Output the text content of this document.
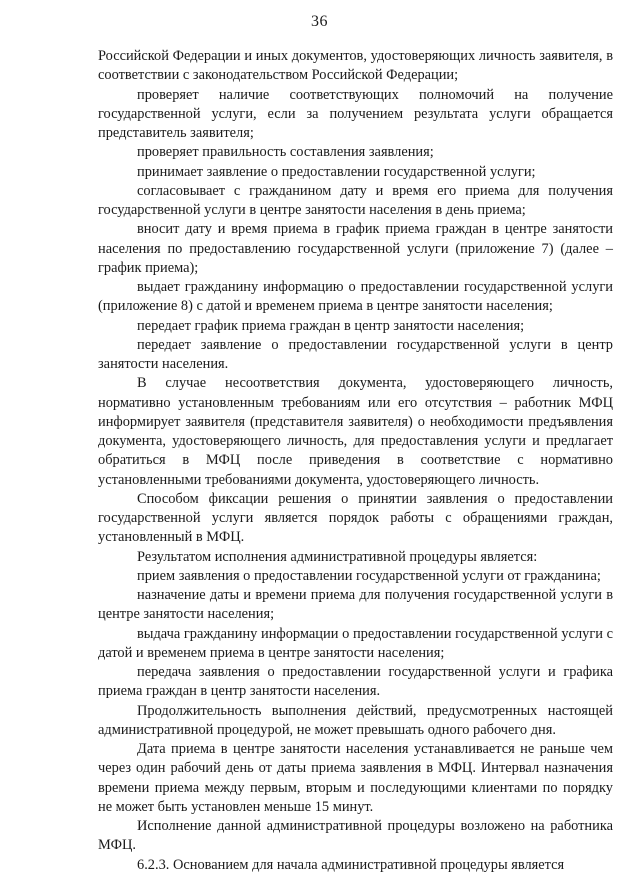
36

Российской Федерации и иных документов, удостоверяющих личность заявителя, в соответствии с законодательством Российской Федерации;

проверяет наличие соответствующих полномочий на получение государственной услуги, если за получением результата услуги обращается представитель заявителя;

проверяет правильность составления заявления;

принимает заявление о предоставлении государственной услуги;

согласовывает с гражданином дату и время его приема для получения государственной услуги в центре занятости населения в день приема;

вносит дату и время приема в график приема граждан в центре занятости населения по предоставлению государственной услуги (приложение 7) (далее – график приема);

выдает гражданину информацию о предоставлении государственной услуги (приложение 8) с датой и временем приема в центре занятости населения;

передает график приема граждан в центр занятости населения;

передает заявление о предоставлении государственной услуги в центр занятости населения.

В случае несоответствия документа, удостоверяющего личность, нормативно установленным требованиям или его отсутствия – работник МФЦ информирует заявителя (представителя заявителя) о необходимости предъявления документа, удостоверяющего личность, для предоставления услуги и предлагает обратиться в МФЦ после приведения в соответствие с нормативно установленными требованиями документа, удостоверяющего личность.

Способом фиксации решения о принятии заявления о предоставлении государственной услуги является порядок работы с обращениями граждан, установленный в МФЦ.

Результатом исполнения административной процедуры является:

прием заявления о предоставлении государственной услуги от гражданина;

назначение даты и времени приема для получения государственной услуги в центре занятости населения;

выдача гражданину информации о предоставлении государственной услуги с датой и временем приема в центре занятости населения;

передача заявления о предоставлении государственной услуги и графика приема граждан в центр занятости населения.

Продолжительность выполнения действий, предусмотренных настоящей административной процедурой, не может превышать одного рабочего дня.

Дата приема в центре занятости населения устанавливается не раньше чем через один рабочий день от даты приема заявления в МФЦ. Интервал назначения времени приема между первым, вторым и последующими клиентами по порядку не может быть установлен меньше 15 минут.

Исполнение данной административной процедуры возложено на работника МФЦ.

6.2.3. Основанием для начала административной процедуры является
